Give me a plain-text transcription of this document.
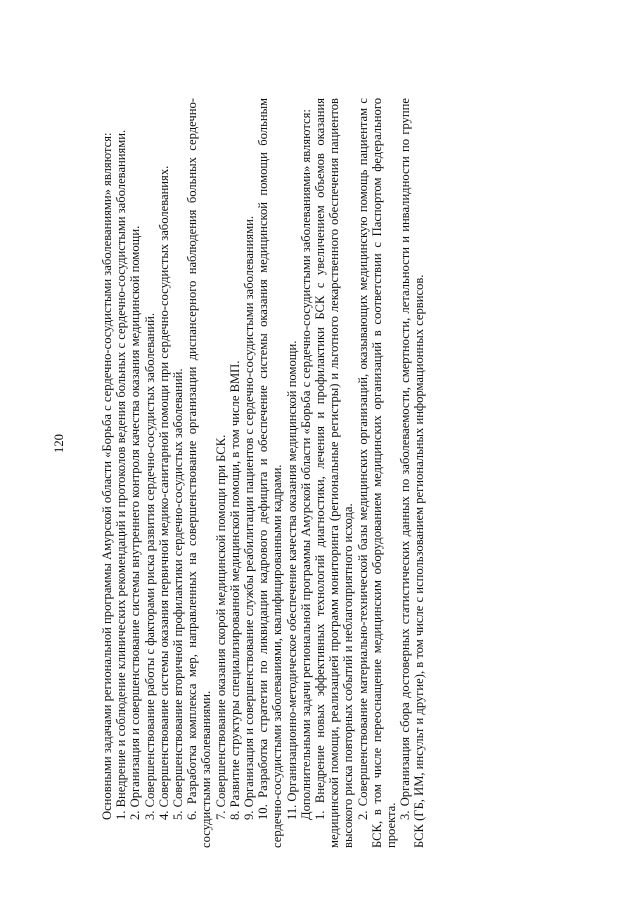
120	Основными задачами региональной программы Амурской области «Борьба с сердечно-сосудистыми заболеваниями» являются: 1. Внедрение и соблюдение клинических рекомендаций и протоколов ведения больных с сердечно-сосудистыми заболеваниями. 2. Организация и совершенствование системы внутреннего контроля качества оказания медицинской помощи. 3. Совершенствование работы с факторами риска развития сердечно-сосудистых заболеваний. 4. Совершенствование системы оказания первичной медико-санитарной помощи при сердечно-сосудистых заболеваниях. 5. Совершенствование вторичной профилактики сердечно-сосудистых заболеваний. 6. Разработка комплекса мер, направленных на совершенствование организации диспансерного наблюдения больных сердечно-сосудистыми заболеваниями. 7. Совершенствование оказания скорой медицинской помощи при БСК. 8. Развитие структуры специализированной медицинской помощи, в том числе ВМП. 9. Организация и совершенствование службы реабилитации пациентов с сердечно-сосудистыми заболеваниями. 10. Разработка стратегии по ликвидации кадрового дефицита и обеспечение системы оказания медицинской помощи больным сердечно-сосудистыми заболеваниями, квалифицированными кадрами. 11. Организационно-методическое обеспечение качества оказания медицинской помощи. Дополнительными задачи региональной программы Амурской области «Борьба с сердечно-сосудистыми заболеваниями» являются: 1. Внедрение новых эффективных технологий диагностики, лечения и профилактики БСК с увеличением объемов оказания медицинской помощи, реализацией программ мониторинга (региональные регистры) и льготного лекарственного обеспечения пациентов высокого риска повторных событий и неблагоприятного исхода. 2. Совершенствование материально-технической базы медицинских организаций, оказывающих медицинскую помощь пациентам с БСК, в том числе переоснащение медицинским оборудованием медицинских организаций в соответствии с Паспортом федерального проекта.

3. Организация сбора достоверных статистических данных по заболеваемости, смертности, летальности и инвалидности по группе БСК (ГБ, ИМ, инсульт и другие), в том числе с использованием региональных информационных сервисов.
